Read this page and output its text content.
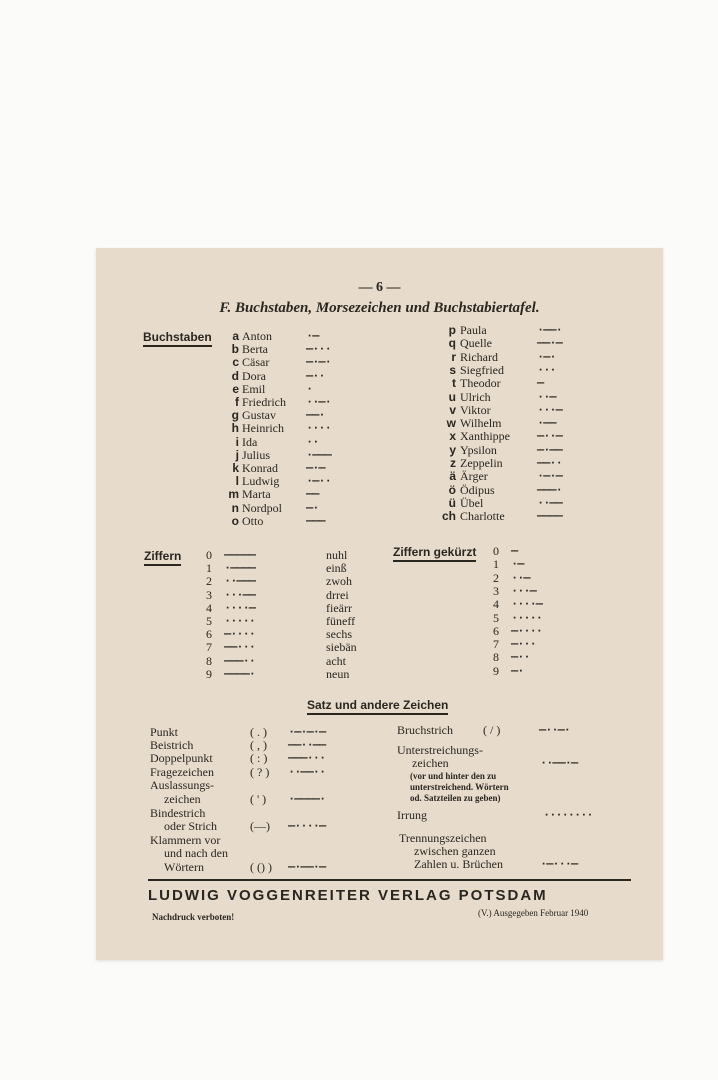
— 6 —
F. Buchstaben, Morsezeichen und Buchstabiertafel.
Buchstaben	a Anton	·—
b Berta	—···
c Cäsar	—·—·
d Dora	—··
e Emil	·
f Friedrich ··—·
g Gustav	——·
h Heinrich ····
i Ida	··
j Julius	·———
k Konrad —·—
l Ludwig ·—··
m Marta	——
n Nordpol —·
o Otto	———
p Paula	·——·
q Quelle	——·—
r Richard	·—·
s Siegfried	···
t Theodor	—
u Ulrich	··—
v Viktor	···—
w Wilhelm	·——
x Xanthippe —··—
y Ypsilon	—·——
z Zeppelin	——··
ä Ärger	·—·—
ö Ödipus	———·
ü Übel	··——
ch Charlotte	————
Ziffern 0 —————	nuhl
1 ·————	einß
2 ··———	zwoh
3 ···——	drrei
4 ····—	fieärr
5 ·····	füneff
6 —····	sechs
7 ——···	siebän
8 ———··	acht
9 ————·	neun
Ziffern gekürzt 0 —
1 ·—
2 ··—
3 ···—
4 ····—
5 ·····
6 —····
7 —···
8 —··
9 —·
Satz und andere Zeichen
Punkt	( . ) ·—·—·—
Beistrich	( , ) ——··——
Doppelpunkt	( : ) ———···
Fragezeichen	( ? ) ··——··
Auslassungs-
zeichen	( ' ) ·————·
Bindestrich
oder Strich	(—) —····—
Klammern vor
und nach den
Wörtern	( () ) —·——·—
Bruchstrich	( / )	—··—·
Unterstreichungs-
zeichen	··——·—
(vor und hinter den zu
unterstreichend. Wörtern
od. Satzteilen zu geben)
Irrung	········
Trennungszeichen
zwischen ganzen
Zahlen u. Brüchen	·—···—
LUDWIG VOGGENREITER VERLAG POTSDAM
Nachdruck verboten!	(V.) Ausgegeben Februar 1940
